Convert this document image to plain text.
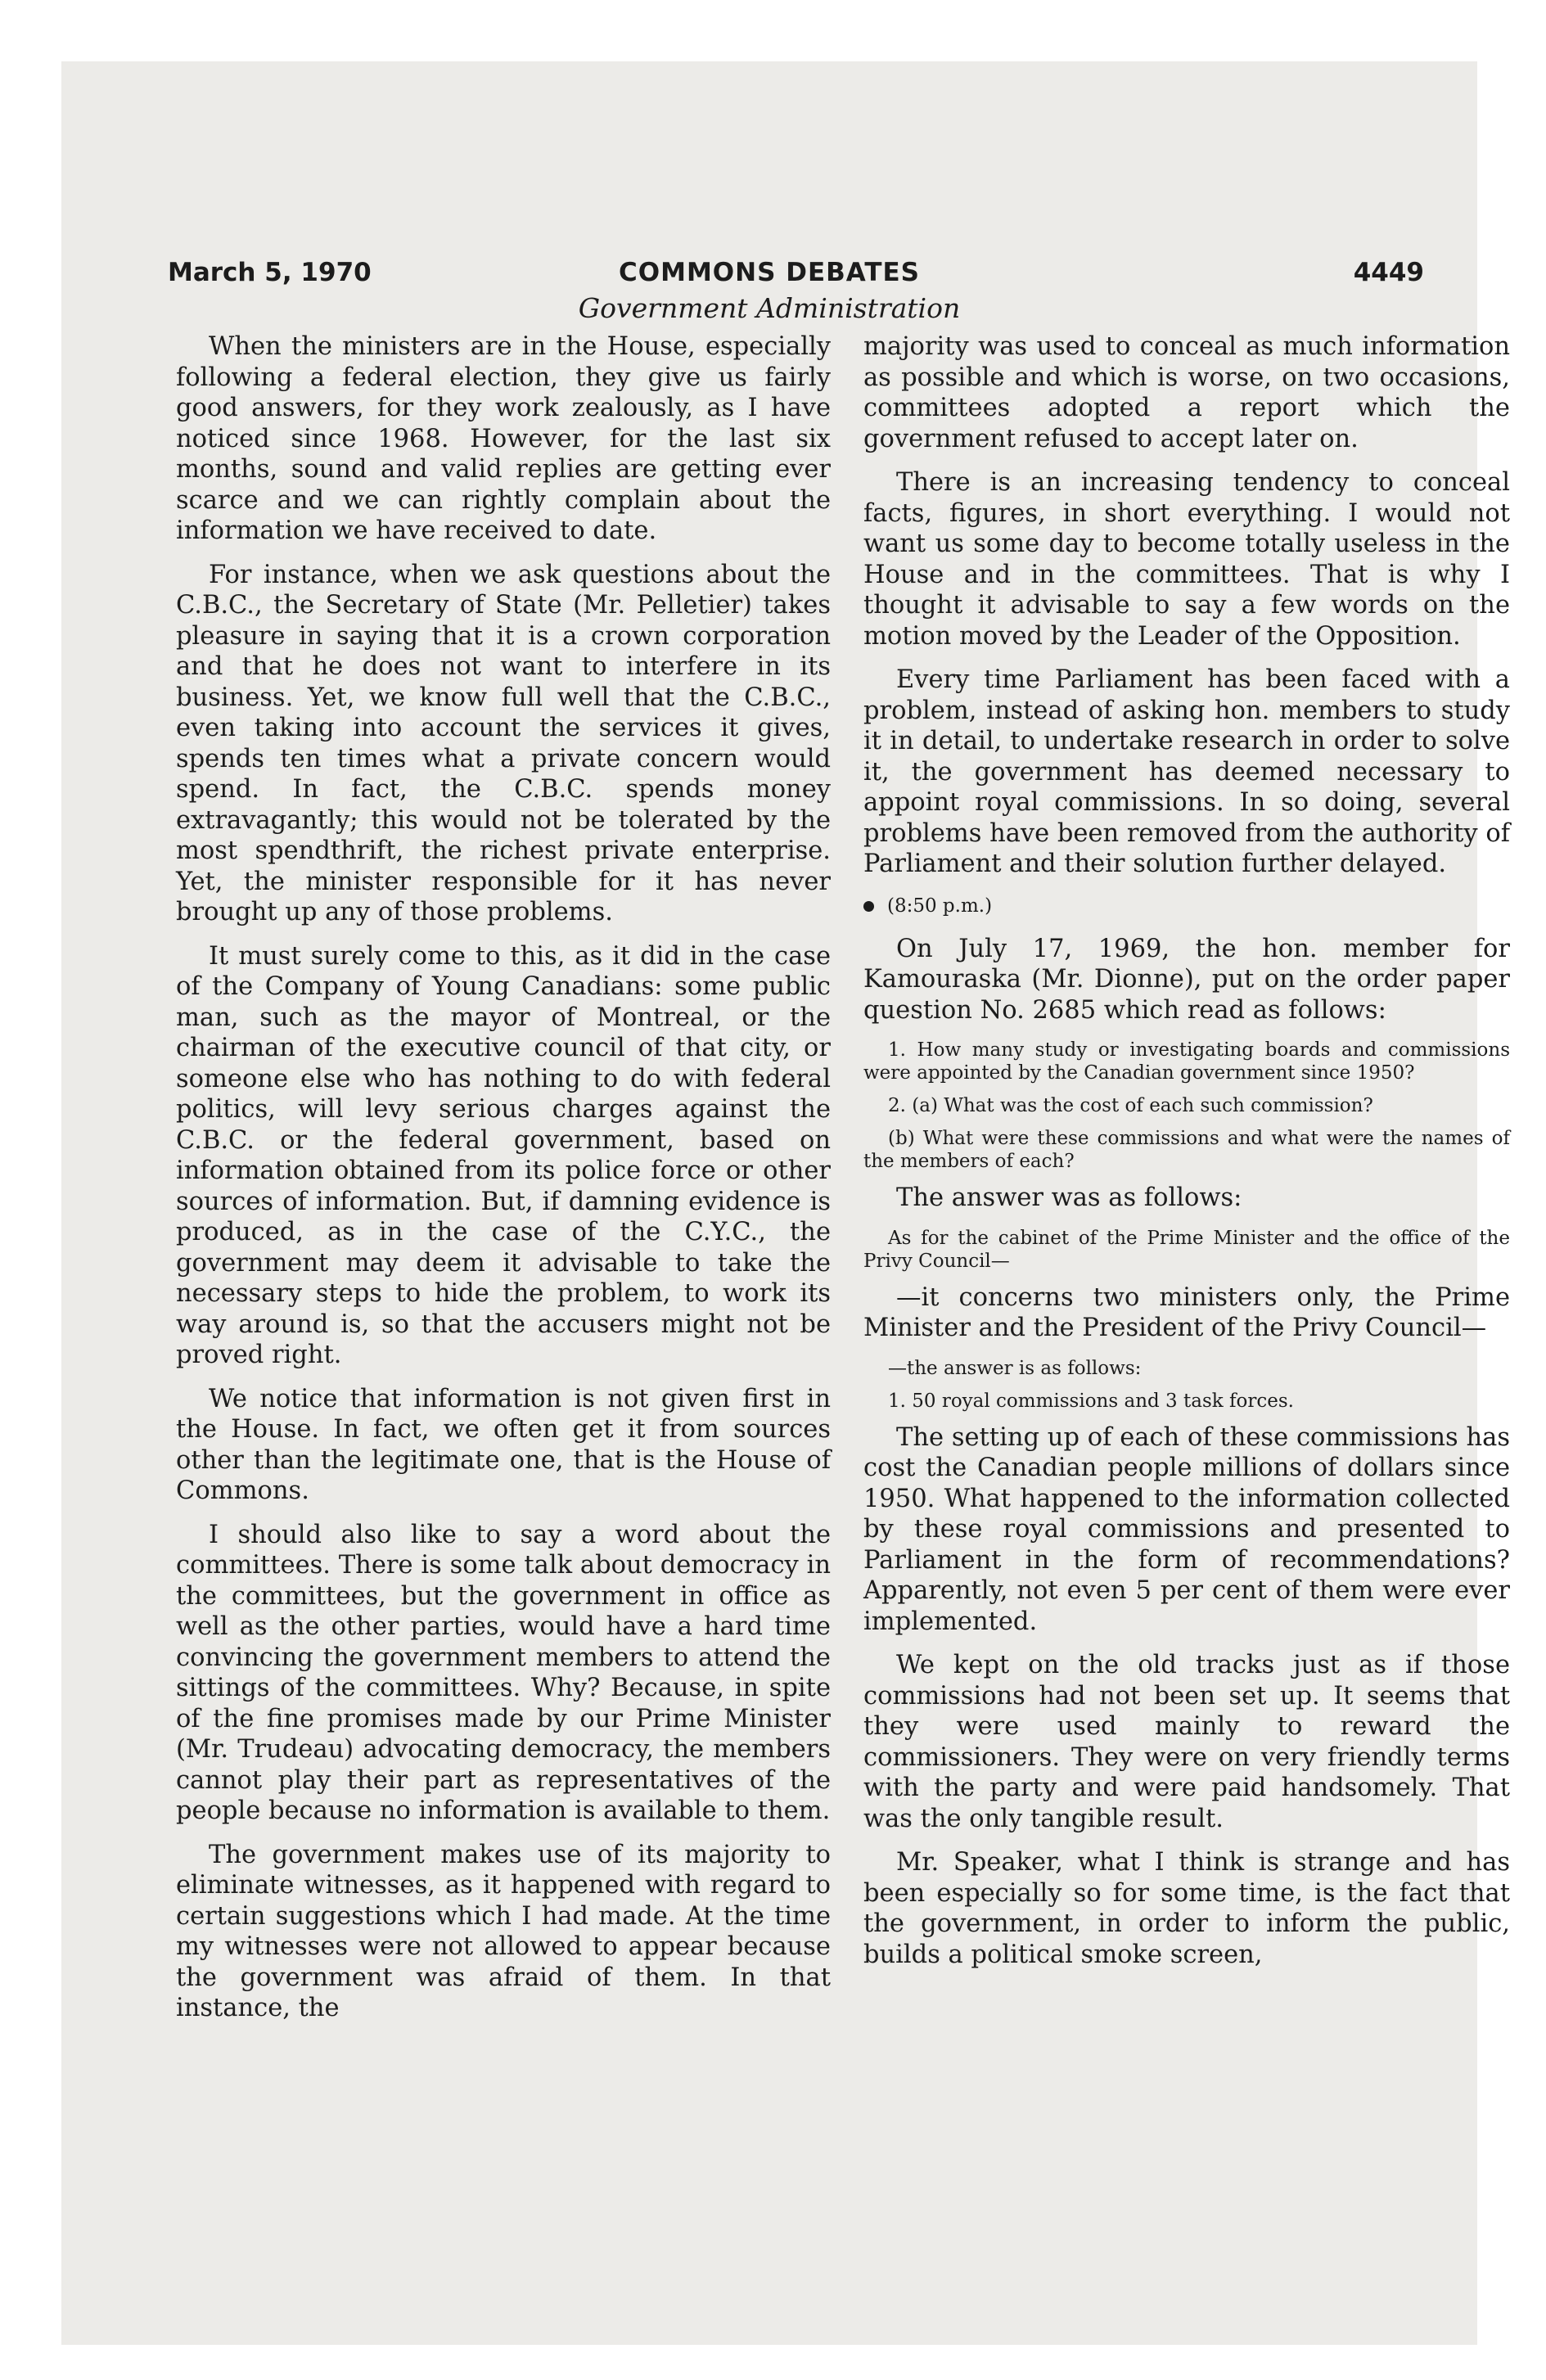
March 5, 1970	COMMONS DEBATES	4449
Government Administration

When the ministers are in the House, especially following a federal election, they give us fairly good answers, for they work zealously, as I have noticed since 1968. However, for the last six months, sound and valid replies are getting ever scarce and we can rightly complain about the information we have received to date.

For instance, when we ask questions about the C.B.C., the Secretary of State (Mr. Pelletier) takes pleasure in saying that it is a crown corporation and that he does not want to interfere in its business. Yet, we know full well that the C.B.C., even taking into account the services it gives, spends ten times what a private concern would spend. In fact, the C.B.C. spends money extravagantly; this would not be tolerated by the most spendthrift, the richest private enterprise. Yet, the minister responsible for it has never brought up any of those problems.

It must surely come to this, as it did in the case of the Company of Young Canadians: some public man, such as the mayor of Montreal, or the chairman of the executive council of that city, or someone else who has nothing to do with federal politics, will levy serious charges against the C.B.C. or the federal government, based on information obtained from its police force or other sources of information. But, if damning evidence is produced, as in the case of the C.Y.C., the government may deem it advisable to take the necessary steps to hide the problem, to work its way around is, so that the accusers might not be proved right.

We notice that information is not given first in the House. In fact, we often get it from sources other than the legitimate one, that is the House of Commons.

I should also like to say a word about the committees. There is some talk about democracy in the committees, but the government in office as well as the other parties, would have a hard time convincing the government members to attend the sittings of the committees. Why? Because, in spite of the fine promises made by our Prime Minister (Mr. Trudeau) advocating democracy, the members cannot play their part as representatives of the people because no information is available to them.

The government makes use of its majority to eliminate witnesses, as it happened with regard to certain suggestions which I had made. At the time my witnesses were not allowed to appear because the government was afraid of them. In that instance, the

majority was used to conceal as much information as possible and which is worse, on two occasions, committees adopted a report which the government refused to accept later on.

There is an increasing tendency to conceal facts, figures, in short everything. I would not want us some day to become totally useless in the House and in the committees. That is why I thought it advisable to say a few words on the motion moved by the Leader of the Opposition.

Every time Parliament has been faced with a problem, instead of asking hon. members to study it in detail, to undertake research in order to solve it, the government has deemed necessary to appoint royal commissions. In so doing, several problems have been removed from the authority of Parliament and their solution further delayed.

(8:50 p.m.)

On July 17, 1969, the hon. member for Kamouraska (Mr. Dionne), put on the order paper question No. 2685 which read as follows:

1. How many study or investigating boards and commissions were appointed by the Canadian government since 1950?

2. (a) What was the cost of each such commission?

(b) What were these commissions and what were the names of the members of each?

The answer was as follows:

As for the cabinet of the Prime Minister and the office of the Privy Council—

—it concerns two ministers only, the Prime Minister and the President of the Privy Council—

—the answer is as follows:

1. 50 royal commissions and 3 task forces.

The setting up of each of these commissions has cost the Canadian people millions of dollars since 1950. What happened to the information collected by these royal commissions and presented to Parliament in the form of recommendations? Apparently, not even 5 per cent of them were ever implemented.

We kept on the old tracks just as if those commissions had not been set up. It seems that they were used mainly to reward the commissioners. They were on very friendly terms with the party and were paid handsomely. That was the only tangible result.

Mr. Speaker, what I think is strange and has been especially so for some time, is the fact that the government, in order to inform the public, builds a political smoke screen,
